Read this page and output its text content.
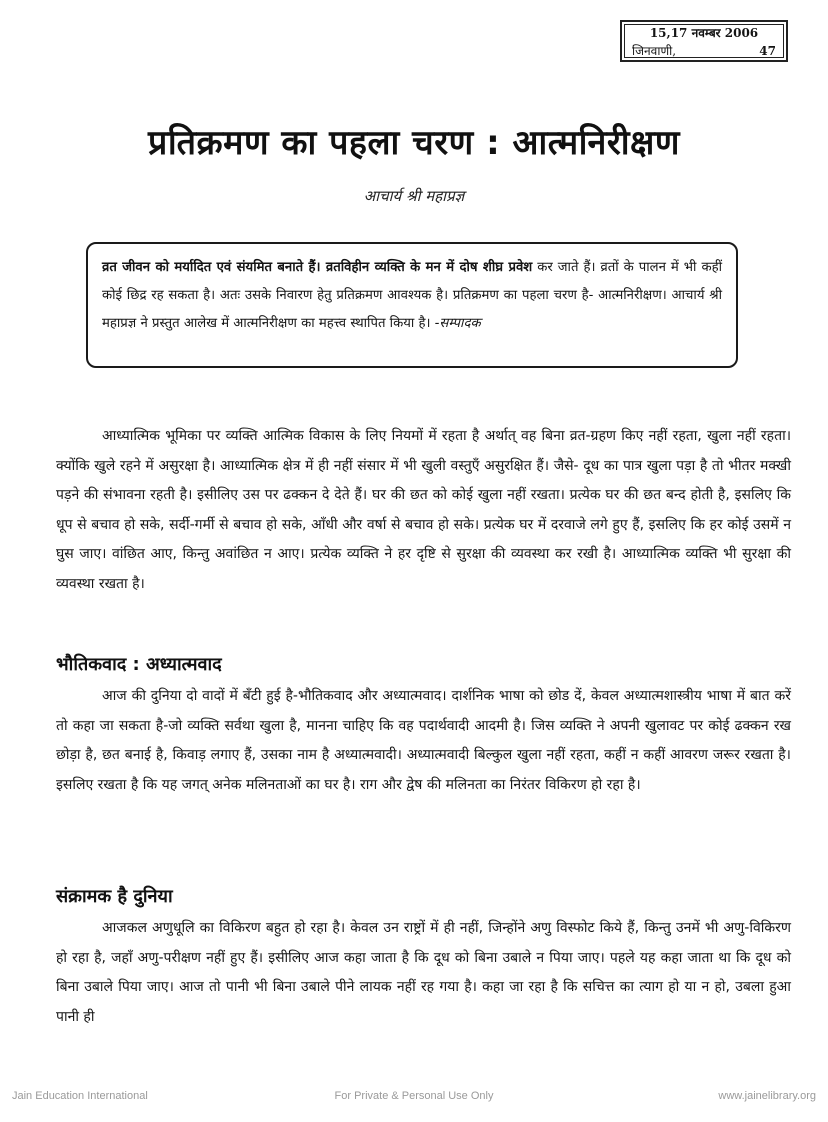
15,17 नवम्बर 2006
जिनवाणी,	47
प्रतिक्रमण का पहला चरण : आत्मनिरीक्षण
आचार्य श्री महाप्रज्ञ
व्रत जीवन को मर्यादित एवं संयमित बनाते हैं। व्रतविहीन व्यक्ति के मन में दोष शीघ्र प्रवेश कर जाते हैं। व्रतों के पालन में भी कहीं कोई छिद्र रह सकता है। अतः उसके निवारण हेतु प्रतिक्रमण आवश्यक है। प्रतिक्रमण का पहला चरण है- आत्मनिरीक्षण। आचार्य श्री महाप्रज्ञ ने प्रस्तुत आलेख में आत्मनिरीक्षण का महत्त्व स्थापित किया है। -सम्पादक

आध्यात्मिक भूमिका पर व्यक्ति आत्मिक विकास के लिए नियमों में रहता है अर्थात् वह बिना व्रत-ग्रहण किए नहीं रहता, खुला नहीं रहता। क्योंकि खुले रहने में असुरक्षा है। आध्यात्मिक क्षेत्र में ही नहीं संसार में भी खुली वस्तुएँ असुरक्षित हैं। जैसे- दूध का पात्र खुला पड़ा है तो भीतर मक्खी पड़ने की संभावना रहती है। इसीलिए उस पर ढक्कन दे देते हैं। घर की छत को कोई खुला नहीं रखता। प्रत्येक घर की छत बन्द होती है, इसलिए कि धूप से बचाव हो सके, सर्दी-गर्मी से बचाव हो सके, आँधी और वर्षा से बचाव हो सके। प्रत्येक घर में दरवाजे लगे हुए हैं, इसलिए कि हर कोई उसमें न घुस जाए। वांछित आए, किन्तु अवांछित न आए। प्रत्येक व्यक्ति ने हर दृष्टि से सुरक्षा की व्यवस्था कर रखी है। आध्यात्मिक व्यक्ति भी सुरक्षा की व्यवस्था रखता है।

भौतिकवाद : अध्यात्मवाद

आज की दुनिया दो वादों में बँटी हुई है-भौतिकवाद और अध्यात्मवाद। दार्शनिक भाषा को छोड दें, केवल अध्यात्मशास्त्रीय भाषा में बात करें तो कहा जा सकता है-जो व्यक्ति सर्वथा खुला है, मानना चाहिए कि वह पदार्थवादी आदमी है। जिस व्यक्ति ने अपनी खुलावट पर कोई ढक्कन रख छोड़ा है, छत बनाई है, किवाड़ लगाए हैं, उसका नाम है अध्यात्मवादी। अध्यात्मवादी बिल्कुल खुला नहीं रहता, कहीं न कहीं आवरण जरूर रखता है। इसलिए रखता है कि यह जगत् अनेक मलिनताओं का घर है। राग और द्वेष की मलिनता का निरंतर विकिरण हो रहा है।

संक्रामक है दुनिया

आजकल अणुधूलि का विकिरण बहुत हो रहा है। केवल उन राष्ट्रों में ही नहीं, जिन्होंने अणु विस्फोट किये हैं, किन्तु उनमें भी अणु-विकिरण हो रहा है, जहाँ अणु-परीक्षण नहीं हुए हैं। इसीलिए आज कहा जाता है कि दूध को बिना उबाले न पिया जाए। पहले यह कहा जाता था कि दूध को बिना उबाले पिया जाए। आज तो पानी भी बिना उबाले पीने लायक नहीं रह गया है। कहा जा रहा है कि सचित्त का त्याग हो या न हो, उबला हुआ पानी ही

Jain Education International	For Private & Personal Use Only	www.jainelibrary.org
